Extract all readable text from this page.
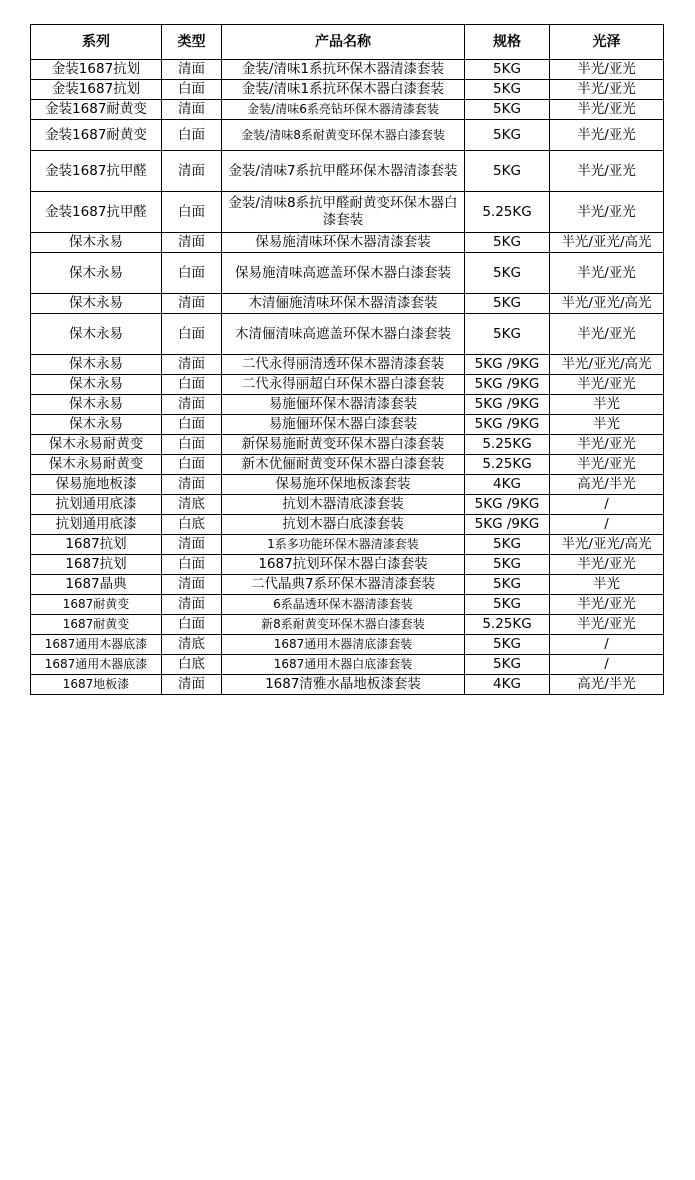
系列	类型	产品名称	规格	光泽
金装1687抗划	清面	金装/清味1系抗环保木器清漆套装	5KG	半光/亚光
金装1687抗划	白面	金装/清味1系抗环保木器白漆套装	5KG	半光/亚光
金装1687耐黄变	清面	金装/清味6系亮钻环保木器清漆套装	5KG	半光/亚光
金装1687耐黄变	白面	金装/清味8系耐黄变环保木器白漆套装	5KG	半光/亚光
金装1687抗甲醛	清面	金装/清味7系抗甲醛环保木器清漆套装	5KG	半光/亚光
金装1687抗甲醛	白面	金装/清味8系抗甲醛耐黄变环保木器白漆套装	5.25KG	半光/亚光
保木永易	清面	保易施清味环保木器清漆套装	5KG	半光/亚光/高光
保木永易	白面	保易施清味高遮盖环保木器白漆套装	5KG	半光/亚光
保木永易	清面	木清俪施清味环保木器清漆套装	5KG	半光/亚光/高光
保木永易	白面	木清俪清味高遮盖环保木器白漆套装	5KG	半光/亚光
保木永易	清面	二代永得丽清透环保木器清漆套装	5KG /9KG	半光/亚光/高光
保木永易	白面	二代永得丽超白环保木器白漆套装	5KG /9KG	半光/亚光
保木永易	清面	易施俪环保木器清漆套装	5KG /9KG	半光
保木永易	白面	易施俪环保木器白漆套装	5KG /9KG	半光
保木永易耐黄变	白面	新保易施耐黄变环保木器白漆套装	5.25KG	半光/亚光
保木永易耐黄变	白面	新木优俪耐黄变环保木器白漆套装	5.25KG	半光/亚光
保易施地板漆	清面	保易施环保地板漆套装	4KG	高光/半光
抗划通用底漆	清底	抗划木器清底漆套装	5KG /9KG	/
抗划通用底漆	白底	抗划木器白底漆套装	5KG /9KG	/
1687抗划	清面	1系多功能环保木器清漆套装	5KG	半光/亚光/高光
1687抗划	白面	1687抗划环保木器白漆套装	5KG	半光/亚光
1687晶典	清面	二代晶典7系环保木器清漆套装	5KG	半光
1687耐黄变	清面	6系晶透环保木器清漆套装	5KG	半光/亚光
1687耐黄变	白面	新8系耐黄变环保木器白漆套装	5.25KG	半光/亚光
1687通用木器底漆	清底	1687通用木器清底漆套装	5KG	/
1687通用木器底漆	白底	1687通用木器白底漆套装	5KG	/
1687地板漆	清面	1687清雅水晶地板漆套装	4KG	高光/半光
